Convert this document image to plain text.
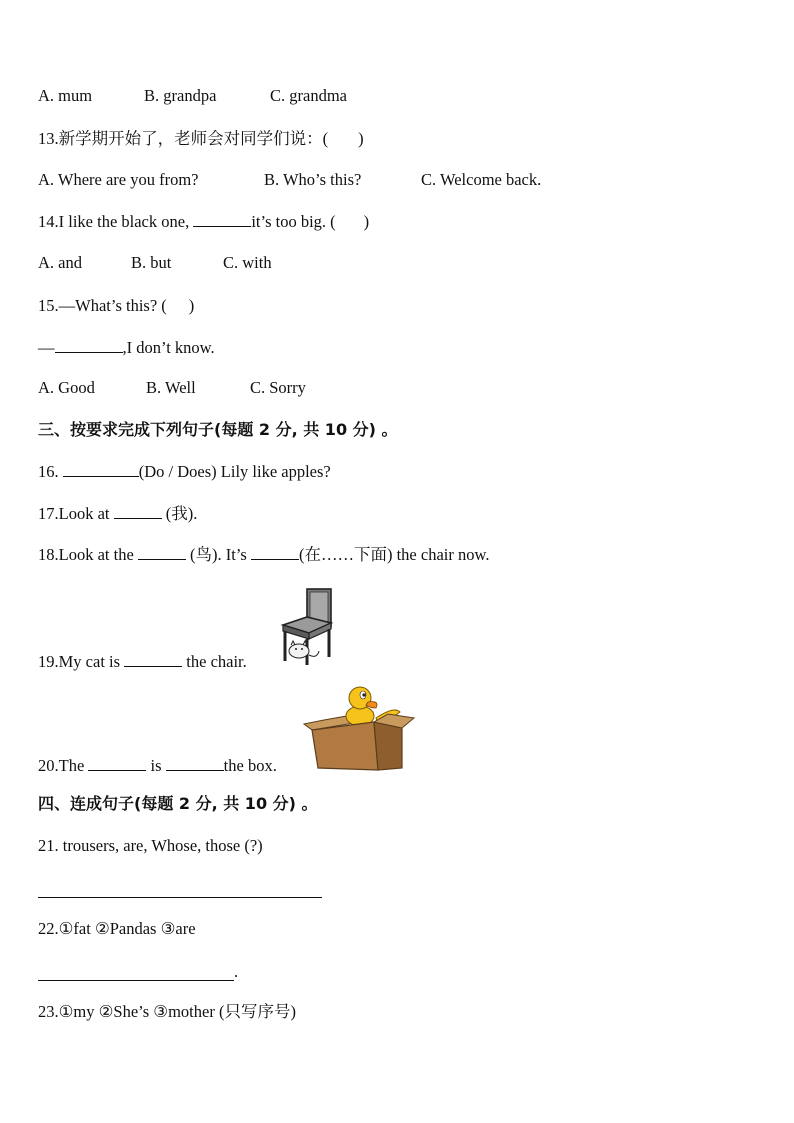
A. mum	B. grandpa	C. grandma
13.新学期开始了，老师会对同学们说：( )
A. Where are you from?	B. Who’s this?	C. Welcome back.
14.I like the black one,	it’s too big. ( )
A. and	B. but	C. with
15.—What’s this? ( )
—	,I don’t know.
A. Good	B. Well	C. Sorry
三、按要求完成下列句子(每题 2 分, 共 10 分) 。
16.	(Do / Does) Lily like apples?
17.Look at	(我).
18.Look at the	(鸟). It’s	(在……下面) the chair now.
19.My cat is	the chair.
20.The	is	the box.
四、连成句子(每题 2 分, 共 10 分) 。
21. trousers, are, Whose, those (?)
22.①fat ②Pandas ③are
.
23.①my ②She’s ③mother (只写序号)
